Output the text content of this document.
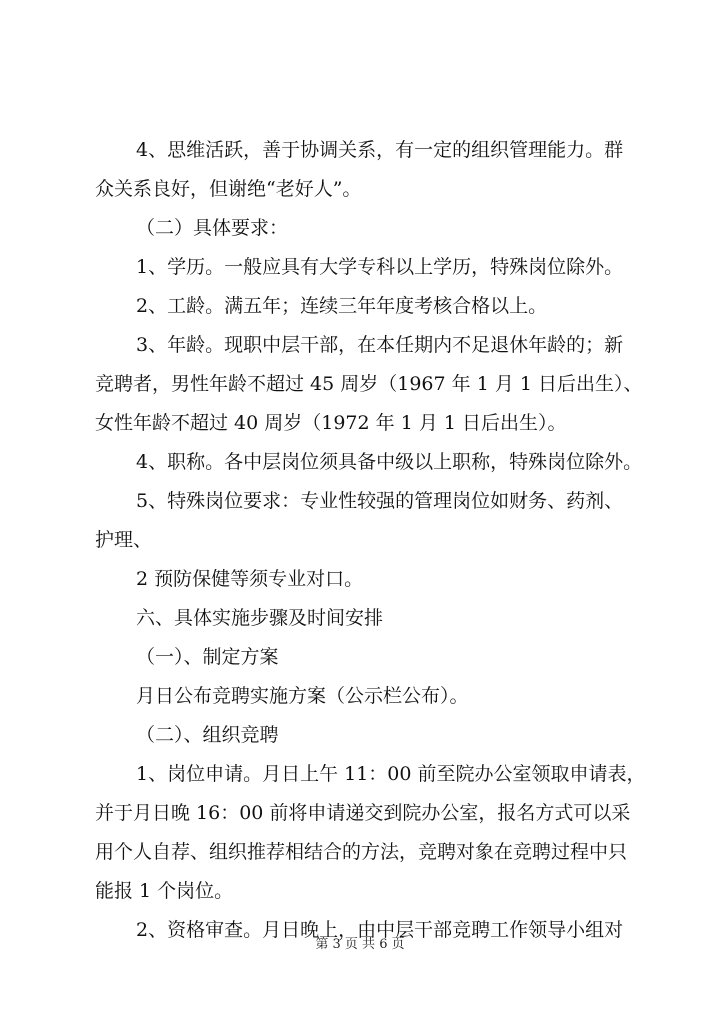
4、思维活跃，善于协调关系，有一定的组织管理能力。群
众关系良好，但谢绝“老好人”。
（二）具体要求：
1、学历。一般应具有大学专科以上学历，特殊岗位除外。
2、工龄。满五年；连续三年年度考核合格以上。
3、年龄。现职中层干部，在本任期内不足退休年龄的；新
竞聘者，男性年龄不超过 45 周岁（1967 年 1 月 1 日后出生）、
女性年龄不超过 40 周岁（1972 年 1 月 1 日后出生）。
4、职称。各中层岗位须具备中级以上职称，特殊岗位除外。
5、特殊岗位要求：专业性较强的管理岗位如财务、药剂、
护理、
2 预防保健等须专业对口。
六、具体实施步骤及时间安排
（一）、制定方案
月日公布竞聘实施方案（公示栏公布）。
（二）、组织竞聘
1、岗位申请。月日上午 11：00 前至院办公室领取申请表，
并于月日晚 16：00 前将申请递交到院办公室，报名方式可以采
用个人自荐、组织推荐相结合的方法，竞聘对象在竞聘过程中只
能报 1 个岗位。
2、资格审查。月日晚上，由中层干部竞聘工作领导小组对
第 3 页 共 6 页
